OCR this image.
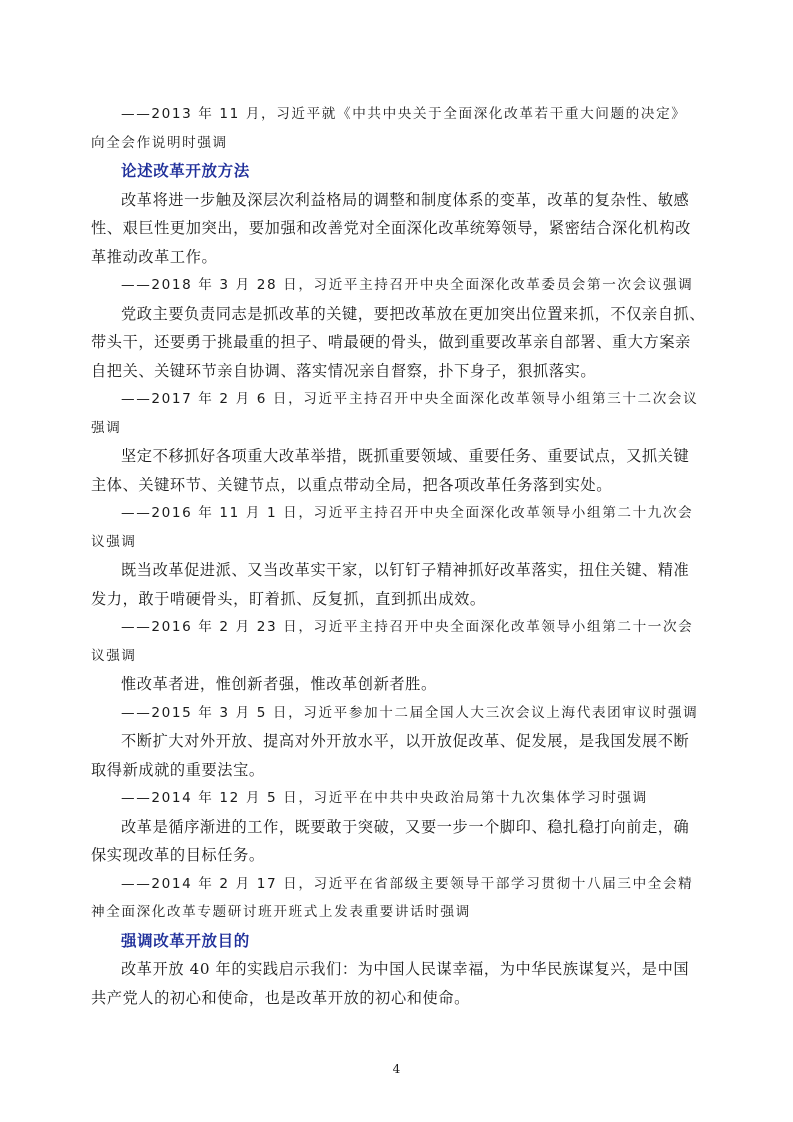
——2013 年 11 月，习近平就《中共中央关于全面深化改革若干重大问题的决定》
向全会作说明时强调
论述改革开放方法
改革将进一步触及深层次利益格局的调整和制度体系的变革，改革的复杂性、敏感
性、艰巨性更加突出，要加强和改善党对全面深化改革统筹领导，紧密结合深化机构改
革推动改革工作。
——2018 年 3 月 28 日，习近平主持召开中央全面深化改革委员会第一次会议强调
党政主要负责同志是抓改革的关键，要把改革放在更加突出位置来抓，不仅亲自抓、
带头干，还要勇于挑最重的担子、啃最硬的骨头，做到重要改革亲自部署、重大方案亲
自把关、关键环节亲自协调、落实情况亲自督察，扑下身子，狠抓落实。
——2017 年 2 月 6 日，习近平主持召开中央全面深化改革领导小组第三十二次会议
强调
坚定不移抓好各项重大改革举措，既抓重要领域、重要任务、重要试点，又抓关键
主体、关键环节、关键节点，以重点带动全局，把各项改革任务落到实处。
——2016 年 11 月 1 日，习近平主持召开中央全面深化改革领导小组第二十九次会
议强调
既当改革促进派、又当改革实干家，以钉钉子精神抓好改革落实，扭住关键、精准
发力，敢于啃硬骨头，盯着抓、反复抓，直到抓出成效。
——2016 年 2 月 23 日，习近平主持召开中央全面深化改革领导小组第二十一次会
议强调
惟改革者进，惟创新者强，惟改革创新者胜。
——2015 年 3 月 5 日，习近平参加十二届全国人大三次会议上海代表团审议时强调
不断扩大对外开放、提高对外开放水平，以开放促改革、促发展，是我国发展不断
取得新成就的重要法宝。
——2014 年 12 月 5 日，习近平在中共中央政治局第十九次集体学习时强调
改革是循序渐进的工作，既要敢于突破，又要一步一个脚印、稳扎稳打向前走，确
保实现改革的目标任务。
——2014 年 2 月 17 日，习近平在省部级主要领导干部学习贯彻十八届三中全会精
神全面深化改革专题研讨班开班式上发表重要讲话时强调
强调改革开放目的
改革开放 40 年的实践启示我们：为中国人民谋幸福，为中华民族谋复兴，是中国
共产党人的初心和使命，也是改革开放的初心和使命。
4
